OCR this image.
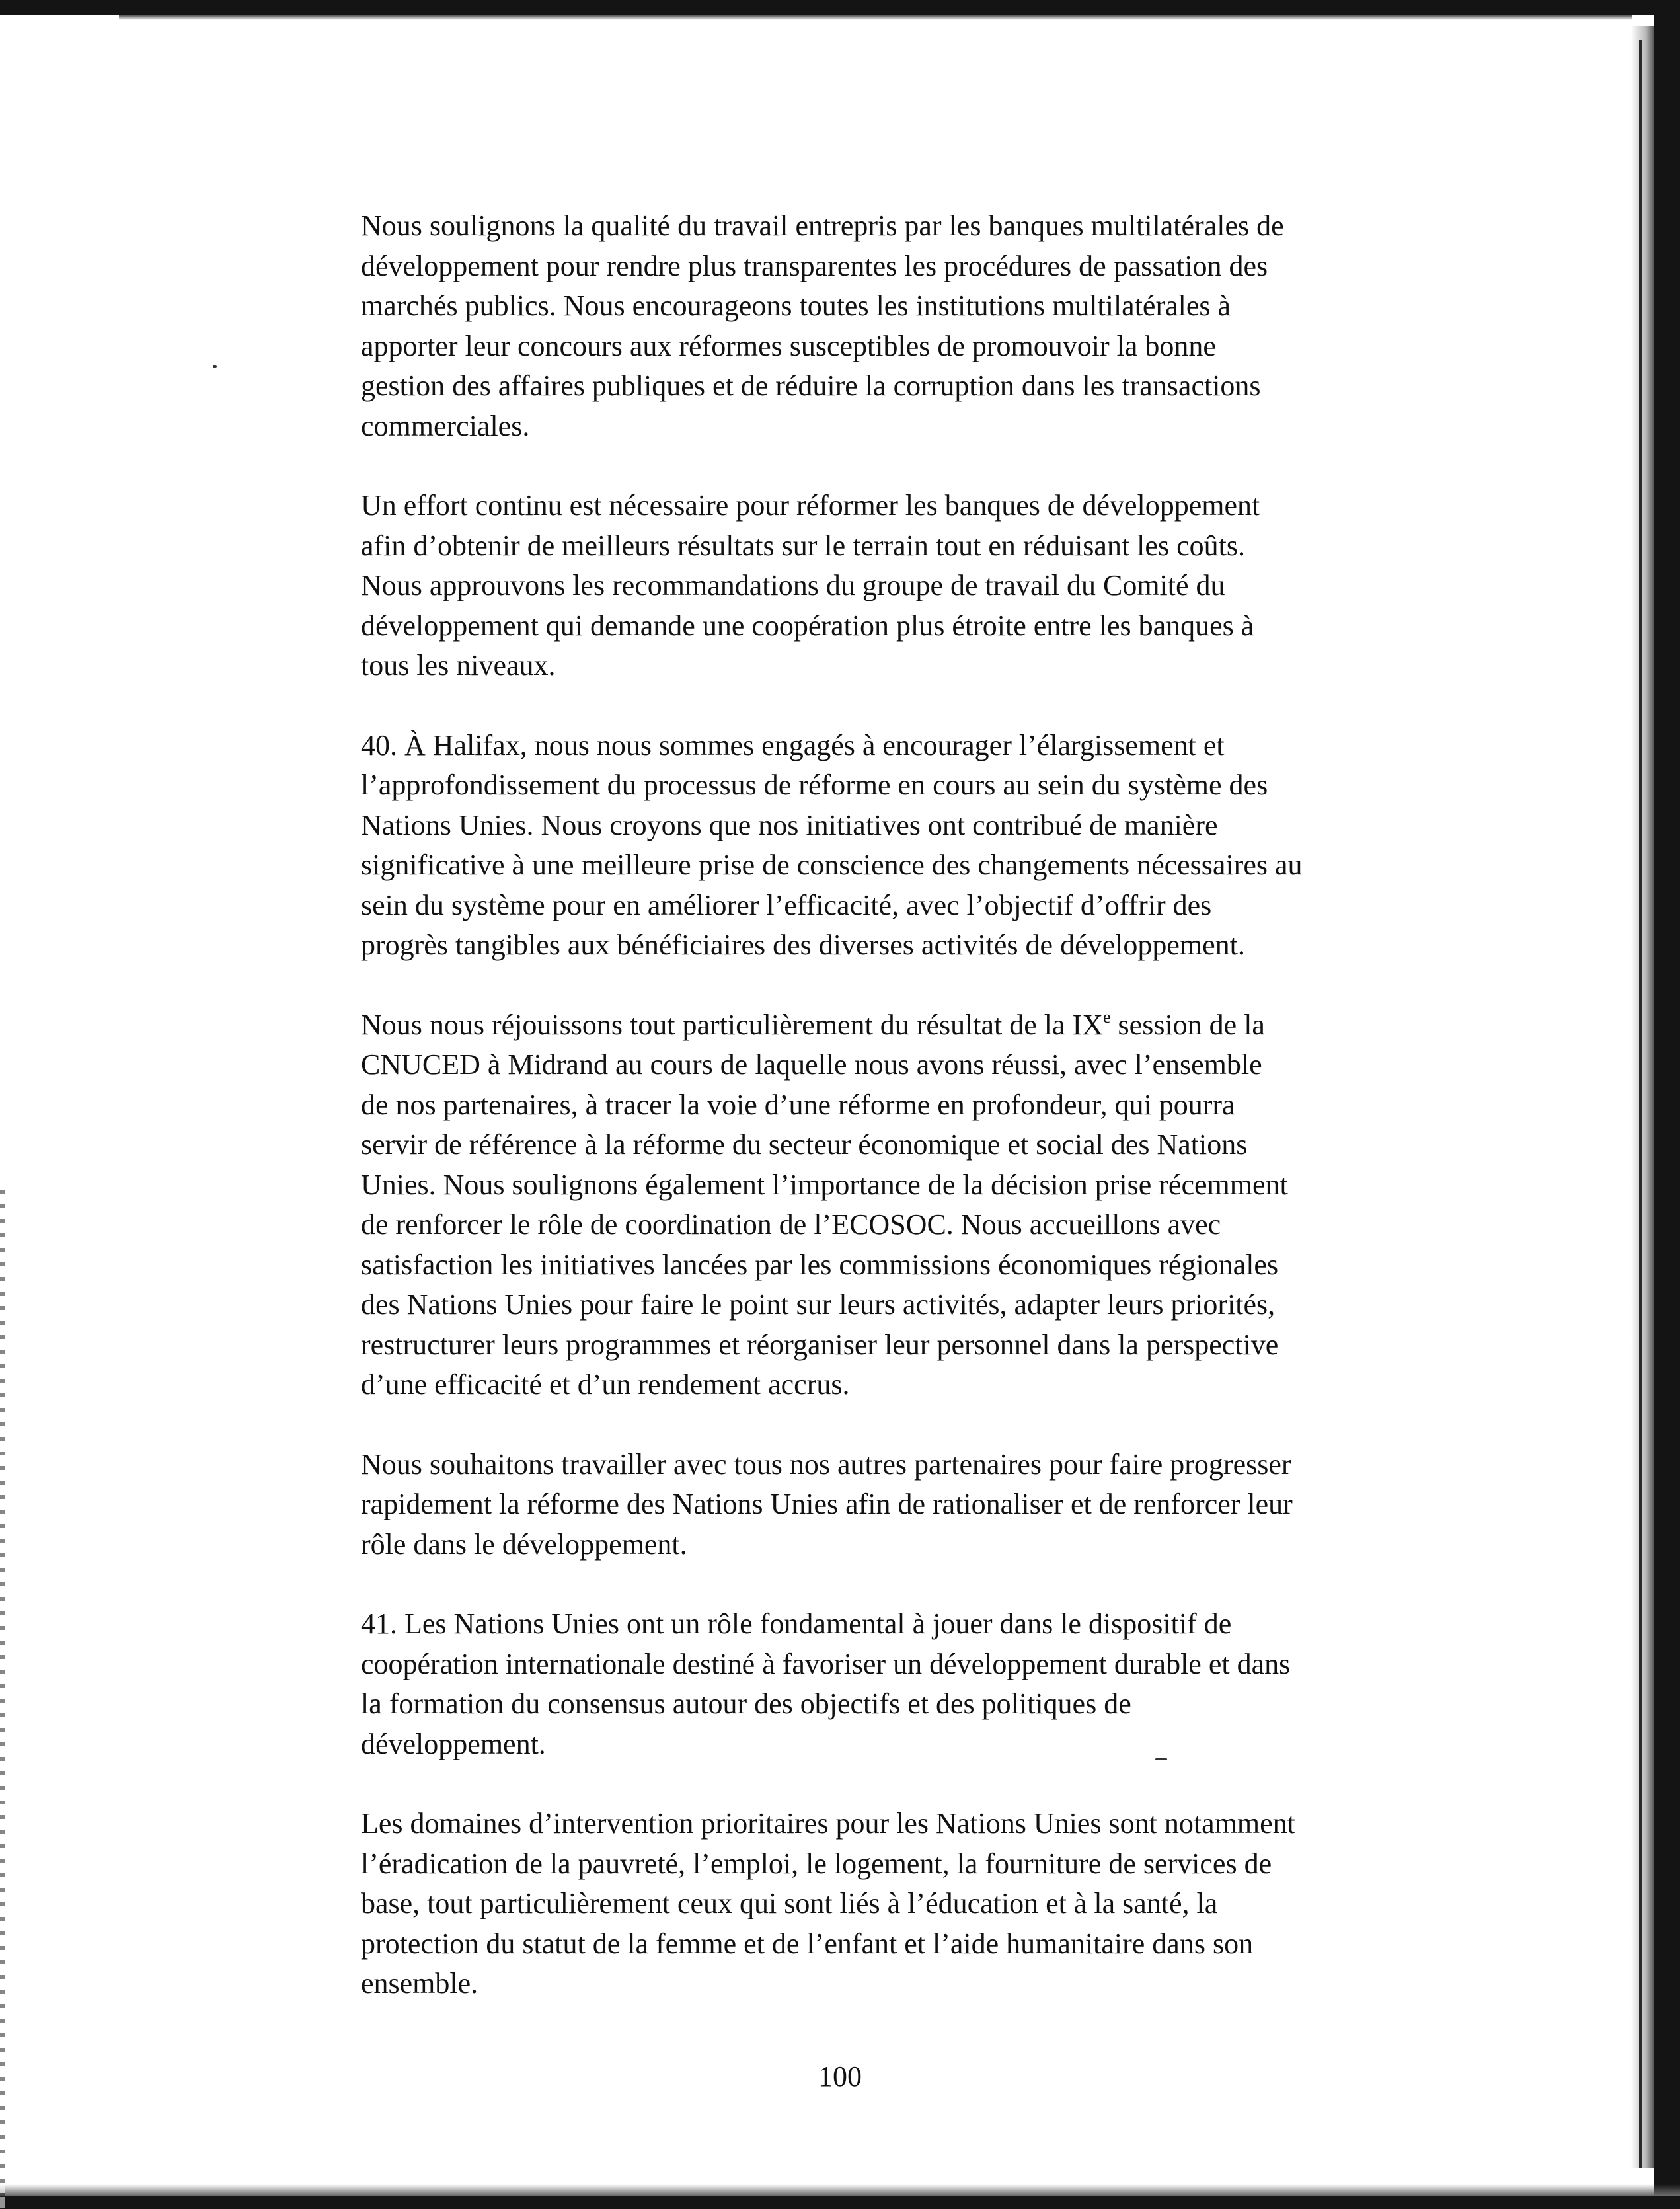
Nous soulignons la qualité du travail entrepris par les banques multilatérales de
développement pour rendre plus transparentes les procédures de passation des
marchés publics. Nous encourageons toutes les institutions multilatérales à
apporter leur concours aux réformes susceptibles de promouvoir la bonne
gestion des affaires publiques et de réduire la corruption dans les transactions
commerciales.

Un effort continu est nécessaire pour réformer les banques de développement
afin d’obtenir de meilleurs résultats sur le terrain tout en réduisant les coûts.
Nous approuvons les recommandations du groupe de travail du Comité du
développement qui demande une coopération plus étroite entre les banques à
tous les niveaux.

40. À Halifax, nous nous sommes engagés à encourager l’élargissement et
l’approfondissement du processus de réforme en cours au sein du système des
Nations Unies. Nous croyons que nos initiatives ont contribué de manière
significative à une meilleure prise de conscience des changements nécessaires au
sein du système pour en améliorer l’efficacité, avec l’objectif d’offrir des
progrès tangibles aux bénéficiaires des diverses activités de développement.

Nous nous réjouissons tout particulièrement du résultat de la IXe session de la
CNUCED à Midrand au cours de laquelle nous avons réussi, avec l’ensemble
de nos partenaires, à tracer la voie d’une réforme en profondeur, qui pourra
servir de référence à la réforme du secteur économique et social des Nations
Unies. Nous soulignons également l’importance de la décision prise récemment
de renforcer le rôle de coordination de l’ECOSOC. Nous accueillons avec
satisfaction les initiatives lancées par les commissions économiques régionales
des Nations Unies pour faire le point sur leurs activités, adapter leurs priorités,
restructurer leurs programmes et réorganiser leur personnel dans la perspective
d’une efficacité et d’un rendement accrus.

Nous souhaitons travailler avec tous nos autres partenaires pour faire progresser
rapidement la réforme des Nations Unies afin de rationaliser et de renforcer leur
rôle dans le développement.

41. Les Nations Unies ont un rôle fondamental à jouer dans le dispositif de
coopération internationale destiné à favoriser un développement durable et dans
la formation du consensus autour des objectifs et des politiques de
développement.

Les domaines d’intervention prioritaires pour les Nations Unies sont notamment
l’éradication de la pauvreté, l’emploi, le logement, la fourniture de services de
base, tout particulièrement ceux qui sont liés à l’éducation et à la santé, la
protection du statut de la femme et de l’enfant et l’aide humanitaire dans son
ensemble.

100
